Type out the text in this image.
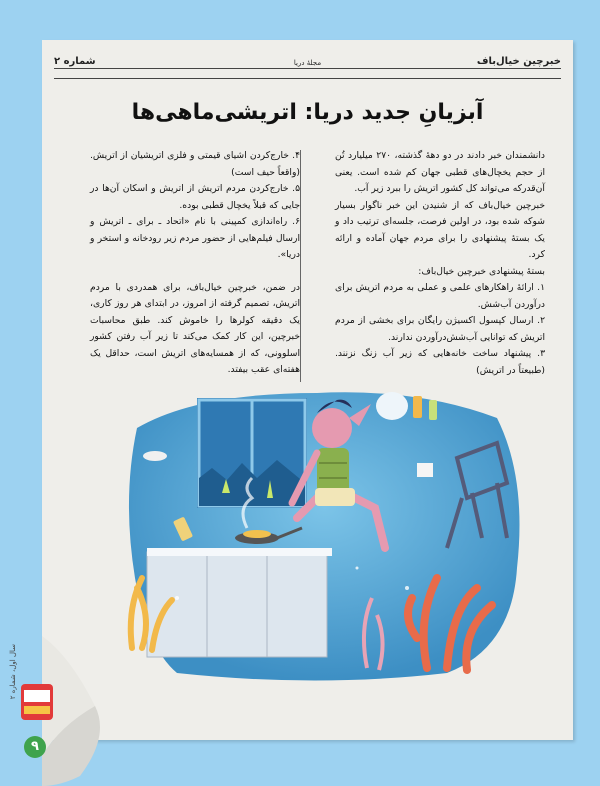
خبرچین خیال‌باف
مجلهٔ دریا
شماره ۲
آبزیانِ جدید دریا: اتریشی‌ماهی‌ها

دانشمندان خبر دادند در دو دههٔ گذشته، ۲۷۰ میلیارد تُن از حجم یخچال‌های قطبی جهان کم شده است. یعنی آن‌قدرکه می‌تواند کل کشور اتریش را ببرد زیر آب.

خبرچین خیال‌باف که از شنیدن این خبر ناگوار بسیار شوکه شده بود، در اولین فرصت، جلسه‌ای ترتیب داد و یک بستهٔ پیشنهادی را برای مردم جهان آماده و ارائه کرد.

بستهٔ پیشنهادی خبرچین خیال‌باف:

۱. ارائهٔ راهکارهای علمی و عملی به مردم اتریش برای درآوردن آب‌شش.

۲. ارسال کپسول اکسیژن رایگان برای بخشی از مردم اتریش که توانایی آب‌شش‌درآوردن ندارند.

۳. پیشنهاد ساخت خانه‌هایی که زیر آب زنگ نزنند. (طبیعتاً در اتریش)

۴. خارج‌کردن اشیای قیمتی و فلزی اتریشیان از اتریش. (واقعاً حیف است)

۵. خارج‌کردن مردم اتریش از اتریش و اسکان آن‌ها در جایی که قبلاً یخچال قطبی بوده.

۶. راه‌اندازی کمپینی با نام «اتحاد ـ برای ـ اتریش و ارسال فیلم‌هایی از حضور مردم زیر رودخانه و استخر و دریا».

در ضمن، خبرچین خیال‌باف، برای همدردی با مردم اتریش، تصمیم گرفته از امروز، در ابتدای هر روز کاری، یک دقیقه کولرها را خاموش کند. طبق محاسبات خبرچین، این کار کمک می‌کند تا زیر آب رفتن کشور اسلوونی، که از همسایه‌های اتریش است، حداقل یک هفته‌ای عقب بیفتد.

سال اول، شماره ۲
۹
